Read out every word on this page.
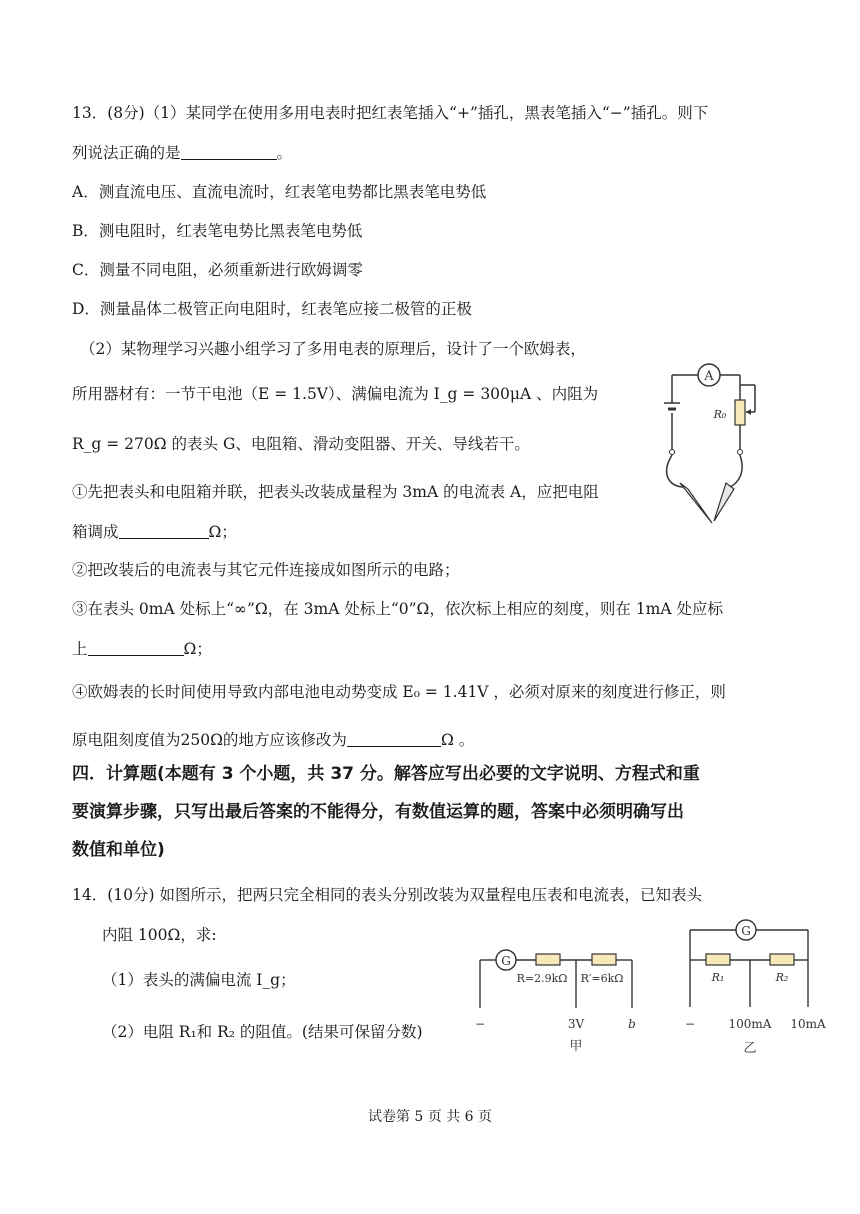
13．(8分)（1）某同学在使用多用电表时把红表笔插入“+”插孔，黑表笔插入“−”插孔。则下
列说法正确的是	。
A．测直流电压、直流电流时，红表笔电势都比黑表笔电势低
B．测电阻时，红表笔电势比黑表笔电势低
C．测量不同电阻，必须重新进行欧姆调零
D．测量晶体二极管正向电阻时，红表笔应接二极管的正极
（2）某物理学习兴趣小组学习了多用电表的原理后，设计了一个欧姆表，
所用器材有：一节干电池（E = 1.5V）、满偏电流为 I_g = 300μA 、内阻为
R_g = 270Ω 的表头 G、电阻箱、滑动变阻器、开关、导线若干。
①先把表头和电阻箱并联，把表头改装成量程为 3mA 的电流表 A，应把电阻
箱调成	Ω；
②把改装后的电流表与其它元件连接成如图所示的电路；
③在表头 0mA 处标上“∞”Ω，在 3mA 处标上“0”Ω，依次标上相应的刻度，则在 1mA 处应标
上	Ω；
④欧姆表的长时间使用导致内部电池电动势变成 E₀ = 1.41V ，必须对原来的刻度进行修正，则
原电阻刻度值为250Ω的地方应该修改为	Ω 。
A
R₀
四．计算题(本题有 3 个小题，共 37 分。解答应写出必要的文字说明、方程式和重
要演算步骤，只写出最后答案的不能得分，有数值运算的题，答案中必须明确写出
数值和单位)
14．(10分) 如图所示，把两只完全相同的表头分别改装为双量程电压表和电流表，已知表头
内阻 100Ω，求:
（1）表头的满偏电流 I_g；
（2）电阻 R₁和 R₂ 的阻值。(结果可保留分数)
G
R=2.9kΩ R′=6kΩ
−	3V	b
甲
G
R₁	R₂
−	100mA 10mA
乙
试卷第 5 页 共 6 页
